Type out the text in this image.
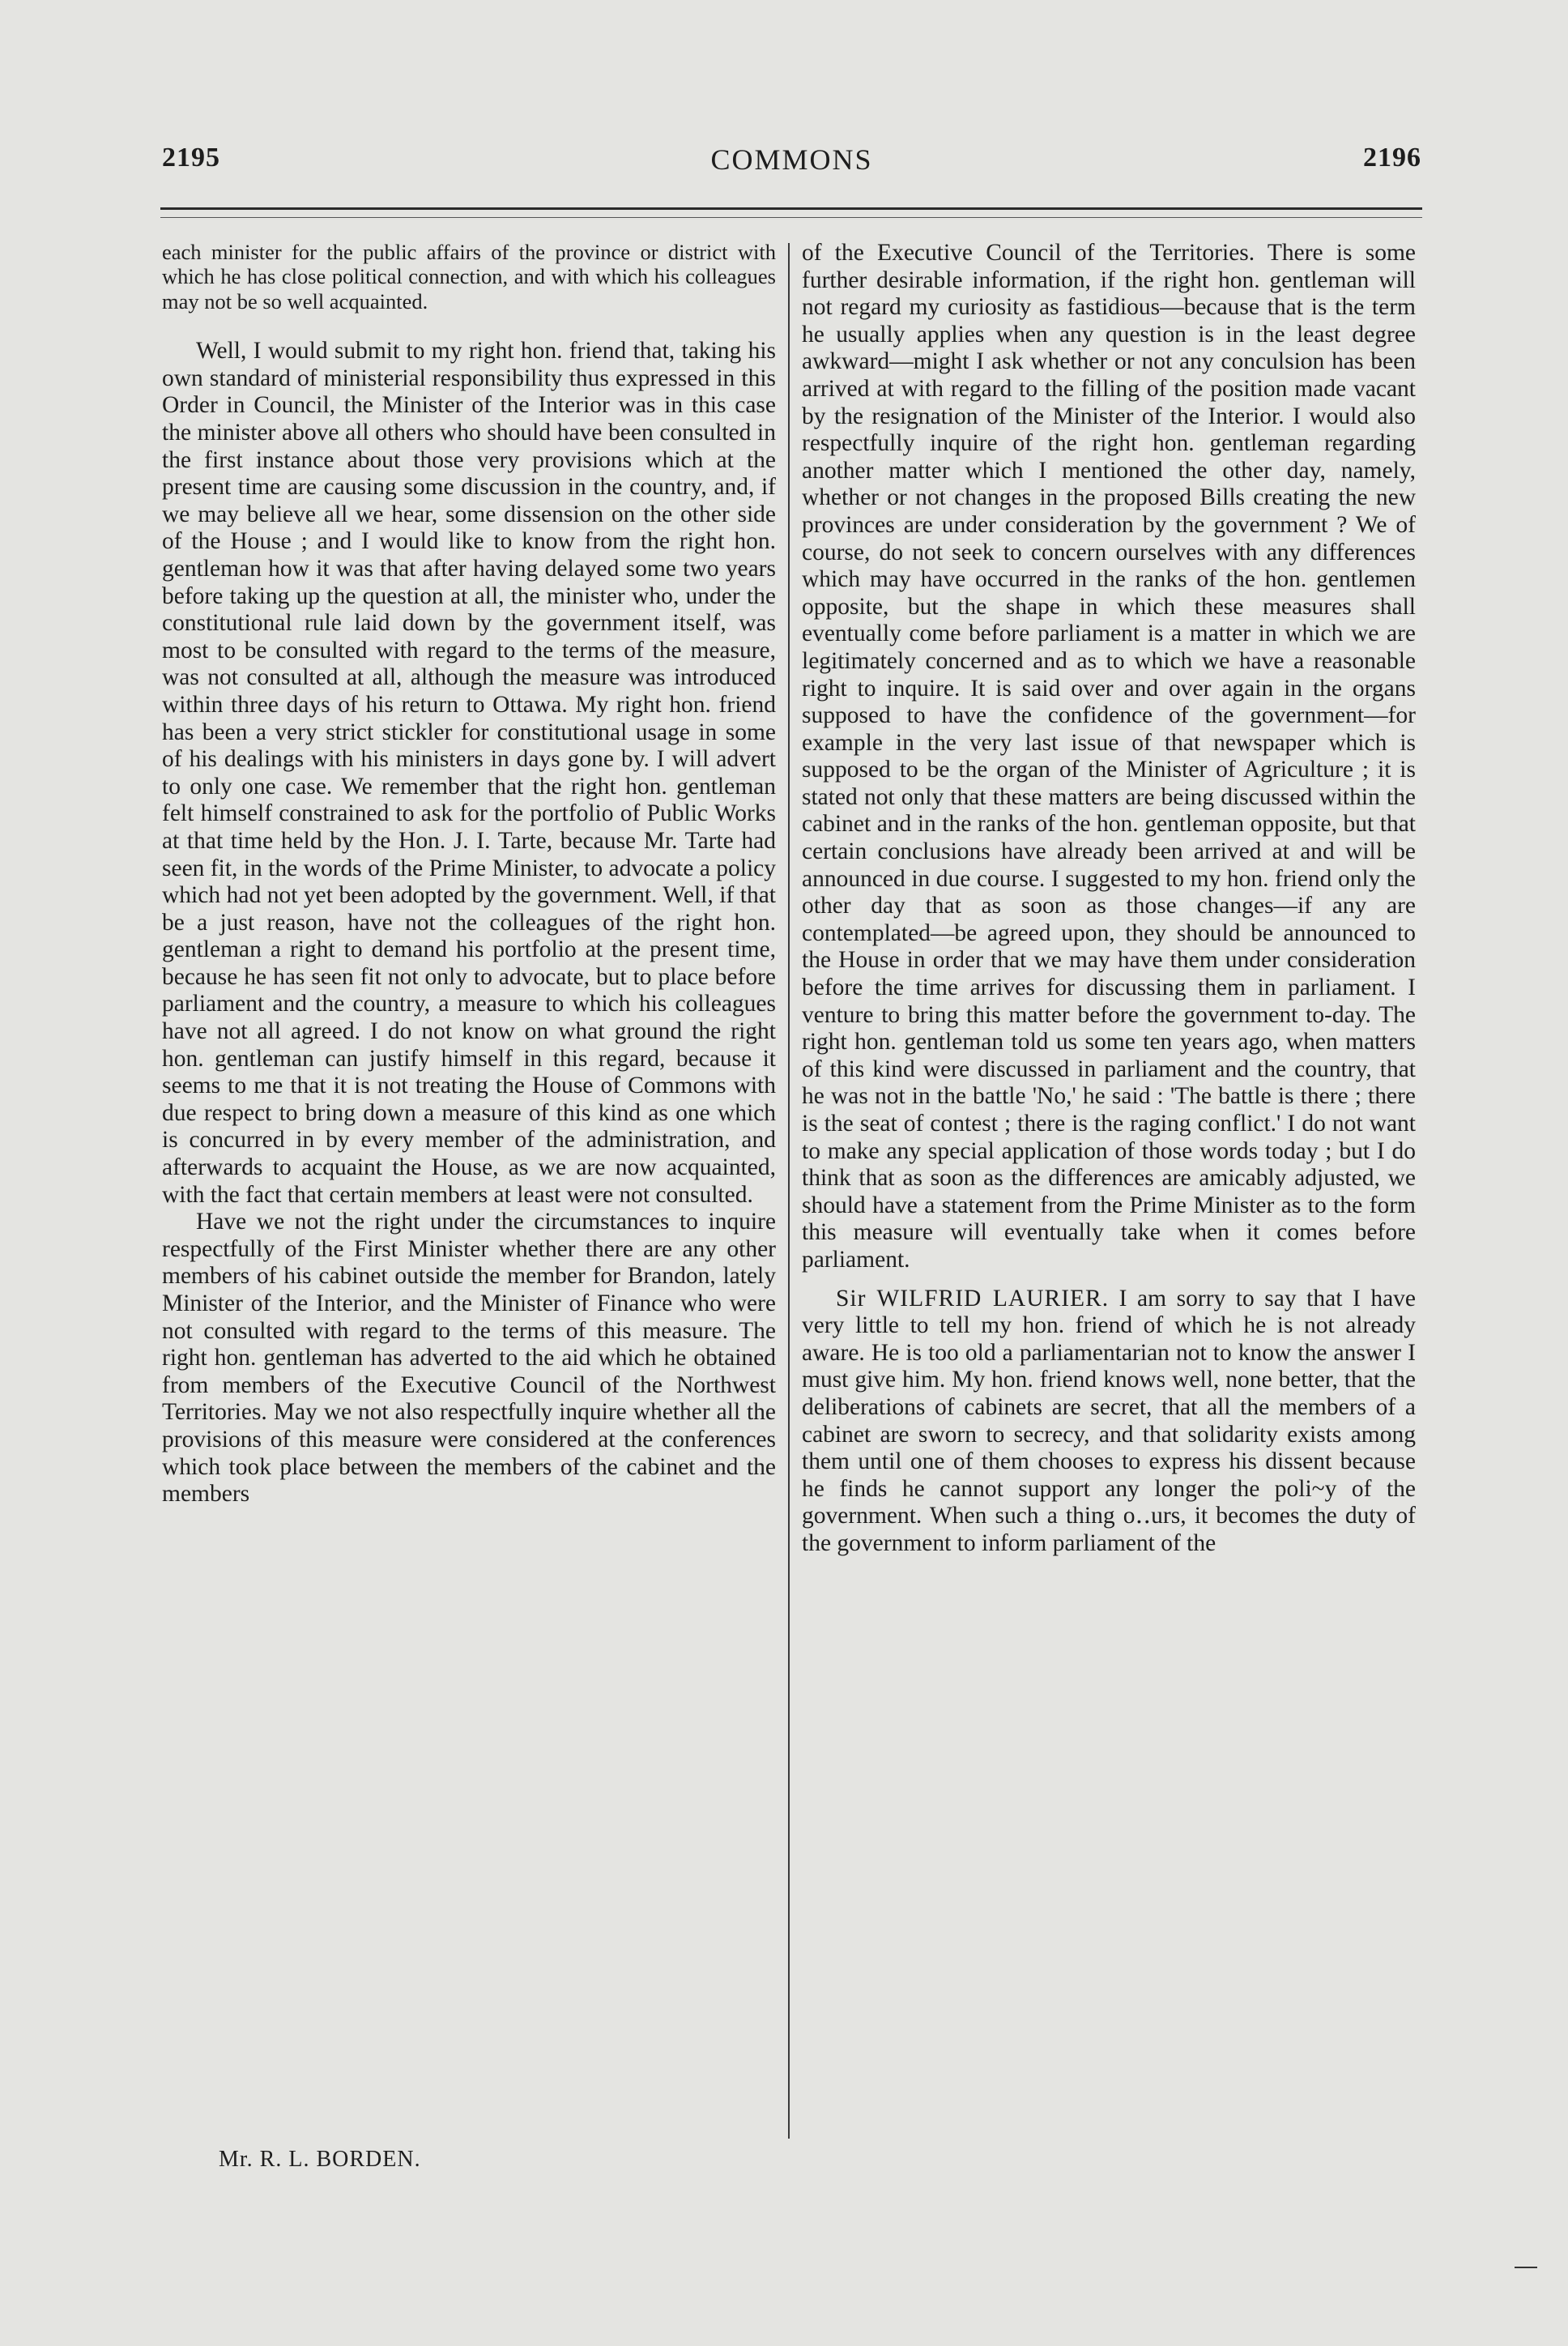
2195	COMMONS	2196

each minister for the public affairs of the province or district with which he has close political connection, and with which his colleagues may not be so well acquainted.

Well, I would submit to my right hon. friend that, taking his own standard of ministerial responsibility thus expressed in this Order in Council, the Minister of the Interior was in this case the minister above all others who should have been consulted in the first instance about those very provisions which at the present time are causing some discussion in the country, and, if we may believe all we hear, some dissension on the other side of the House ; and I would like to know from the right hon. gentleman how it was that after having delayed some two years before taking up the question at all, the minister who, under the constitutional rule laid down by the government itself, was most to be consulted with regard to the terms of the measure, was not consulted at all, although the measure was introduced within three days of his return to Ottawa. My right hon. friend has been a very strict stickler for constitutional usage in some of his dealings with his ministers in days gone by. I will advert to only one case. We remember that the right hon. gentleman felt himself constrained to ask for the portfolio of Public Works at that time held by the Hon. J. I. Tarte, because Mr. Tarte had seen fit, in the words of the Prime Minister, to advocate a policy which had not yet been adopted by the government. Well, if that be a just reason, have not the colleagues of the right hon. gentleman a right to demand his portfolio at the present time, because he has seen fit not only to advocate, but to place before parliament and the country, a measure to which his colleagues have not all agreed. I do not know on what ground the right hon. gentleman can justify himself in this regard, because it seems to me that it is not treating the House of Commons with due respect to bring down a measure of this kind as one which is concurred in by every member of the administration, and afterwards to acquaint the House, as we are now acquainted, with the fact that certain members at least were not consulted.

Have we not the right under the circumstances to inquire respectfully of the First Minister whether there are any other members of his cabinet outside the member for Brandon, lately Minister of the Interior, and the Minister of Finance who were not consulted with regard to the terms of this measure. The right hon. gentleman has adverted to the aid which he obtained from members of the Executive Council of the Northwest Territories. May we not also respectfully inquire whether all the provisions of this measure were considered at the conferences which took place between the members of the cabinet and the members

of the Executive Council of the Territories. There is some further desirable information, if the right hon. gentleman will not regard my curiosity as fastidious—because that is the term he usually applies when any question is in the least degree awkward—might I ask whether or not any conculsion has been arrived at with regard to the filling of the position made vacant by the resignation of the Minister of the Interior. I would also respectfully inquire of the right hon. gentleman regarding another matter which I mentioned the other day, namely, whether or not changes in the proposed Bills creating the new provinces are under consideration by the government ? We of course, do not seek to concern ourselves with any differences which may have occurred in the ranks of the hon. gentlemen opposite, but the shape in which these measures shall eventually come before parliament is a matter in which we are legitimately concerned and as to which we have a reasonable right to inquire. It is said over and over again in the organs supposed to have the confidence of the government—for example in the very last issue of that newspaper which is supposed to be the organ of the Minister of Agriculture ; it is stated not only that these matters are being discussed within the cabinet and in the ranks of the hon. gentleman opposite, but that certain conclusions have already been arrived at and will be announced in due course. I suggested to my hon. friend only the other day that as soon as those changes—if any are contemplated—be agreed upon, they should be announced to the House in order that we may have them under consideration before the time arrives for discussing them in parliament. I venture to bring this matter before the government to-day. The right hon. gentleman told us some ten years ago, when matters of this kind were discussed in parliament and the country, that he was not in the battle 'No,' he said : 'The battle is there ; there is the seat of contest ; there is the raging conflict.' I do not want to make any special application of those words today ; but I do think that as soon as the differences are amicably adjusted, we should have a statement from the Prime Minister as to the form this measure will eventually take when it comes before parliament.

Sir WILFRID LAURIER. I am sorry to say that I have very little to tell my hon. friend of which he is not already aware. He is too old a parliamentarian not to know the answer I must give him. My hon. friend knows well, none better, that the deliberations of cabinets are secret, that all the members of a cabinet are sworn to secrecy, and that solidarity exists among them until one of them chooses to express his dissent because he finds he cannot support any longer the poli~y of the government. When such a thing o‥urs, it becomes the duty of the government to inform parliament of the

Mr. R. L. BORDEN.
